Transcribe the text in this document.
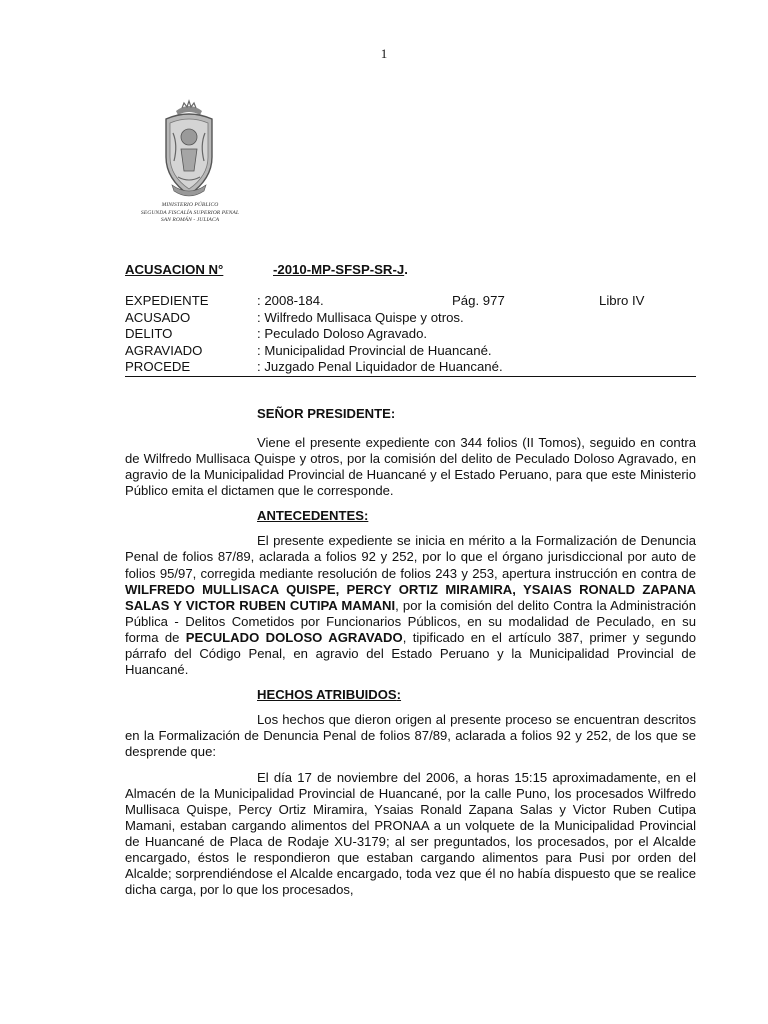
1
MINISTERIO PÚBLICO
SEGUNDA FISCALÍA SUPERIOR PENAL
SAN ROMÁN - JULIACA
ACUSACION N°	-2010-MP-SFSP-SR-J.
EXPEDIENTE	: 2008-184.	Pág. 977	Libro IV
ACUSADO	: Wilfredo Mullisaca Quispe y otros.
DELITO	: Peculado Doloso Agravado.
AGRAVIADO	: Municipalidad Provincial de Huancané.
PROCEDE	: Juzgado Penal Liquidador de Huancané.
SEÑOR PRESIDENTE:

Viene el presente expediente con 344 folios (II Tomos), seguido en contra de Wilfredo Mullisaca Quispe y otros, por la comisión del delito de Peculado Doloso Agravado, en agravio de la Municipalidad Provincial de Huancané y el Estado Peruano, para que este Ministerio Público emita el dictamen que le corresponde.

ANTECEDENTES:

El presente expediente se inicia en mérito a la Formalización de Denuncia Penal de folios 87/89, aclarada a folios 92 y 252, por lo que el órgano jurisdiccional por auto de folios 95/97, corregida mediante resolución de folios 243 y 253, apertura instrucción en contra de WILFREDO MULLISACA QUISPE, PERCY ORTIZ MIRAMIRA, YSAIAS RONALD ZAPANA SALAS Y VICTOR RUBEN CUTIPA MAMANI, por la comisión del delito Contra la Administración Pública - Delitos Cometidos por Funcionarios Públicos, en su modalidad de Peculado, en su forma de PECULADO DOLOSO AGRAVADO, tipificado en el artículo 387, primer y segundo párrafo del Código Penal, en agravio del Estado Peruano y la Municipalidad Provincial de Huancané.

HECHOS ATRIBUIDOS:

Los hechos que dieron origen al presente proceso se encuentran descritos en la Formalización de Denuncia Penal de folios 87/89, aclarada a folios 92 y 252, de los que se desprende que:

El día 17 de noviembre del 2006, a horas 15:15 aproximadamente, en el Almacén de la Municipalidad Provincial de Huancané, por la calle Puno, los procesados Wilfredo Mullisaca Quispe, Percy Ortiz Miramira, Ysaias Ronald Zapana Salas y Victor Ruben Cutipa Mamani, estaban cargando alimentos del PRONAA a un volquete de la Municipalidad Provincial de Huancané de Placa de Rodaje XU-3179; al ser preguntados, los procesados, por el Alcalde encargado, éstos le respondieron que estaban cargando alimentos para Pusi por orden del Alcalde; sorprendiéndose el Alcalde encargado, toda vez que él no había dispuesto que se realice dicha carga, por lo que los procesados,
